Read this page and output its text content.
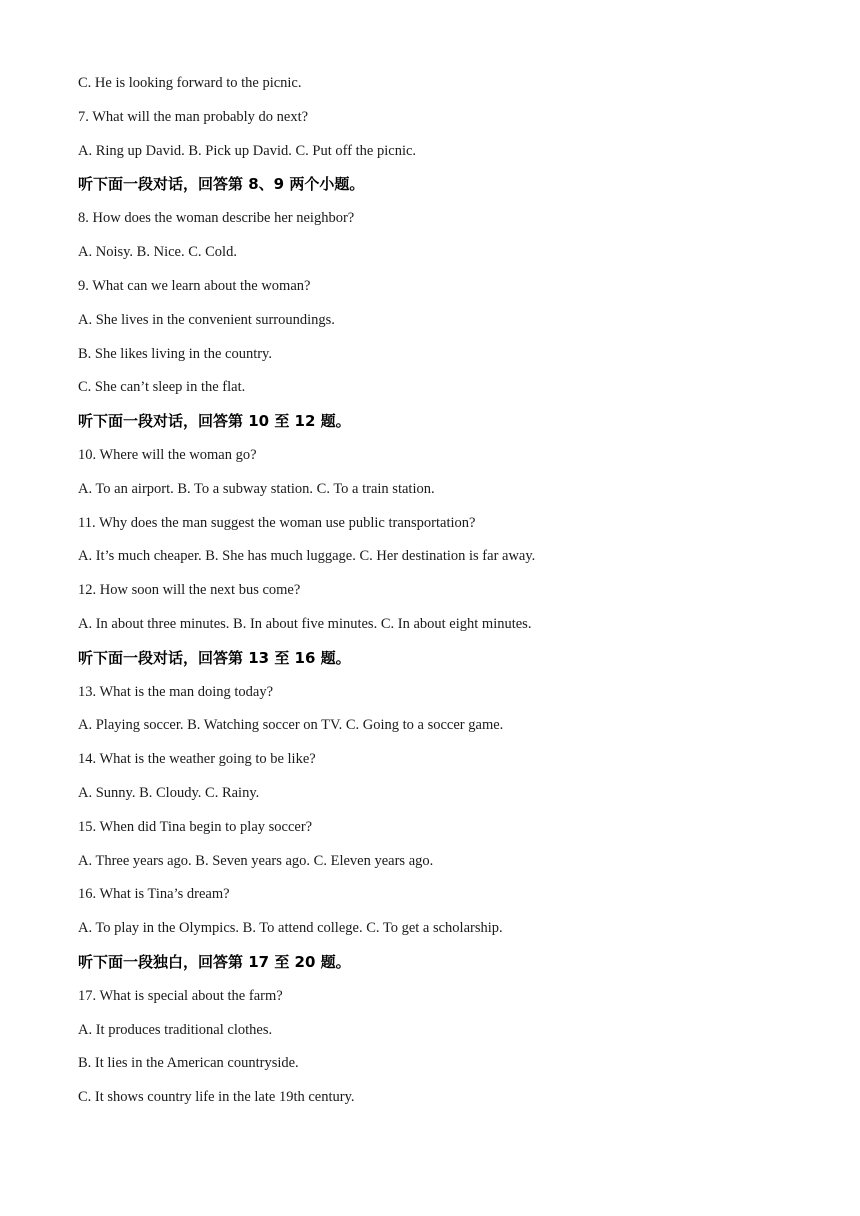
C. He is looking forward to the picnic.
7. What will the man probably do next?
A. Ring up David. B. Pick up David. C. Put off the picnic.
听下面一段对话，回答第 8、9 两个小题。
8. How does the woman describe her neighbor?
A. Noisy. B. Nice. C. Cold.
9. What can we learn about the woman?
A. She lives in the convenient surroundings.
B. She likes living in the country.
C. She can’t sleep in the flat.
听下面一段对话，回答第 10 至 12 题。
10. Where will the woman go?
A. To an airport. B. To a subway station. C. To a train station.
11. Why does the man suggest the woman use public transportation?
A. It’s much cheaper. B. She has much luggage. C. Her destination is far away.
12. How soon will the next bus come?
A. In about three minutes. B. In about five minutes. C. In about eight minutes.
听下面一段对话，回答第 13 至 16 题。
13. What is the man doing today?
A. Playing soccer. B. Watching soccer on TV. C. Going to a soccer game.
14. What is the weather going to be like?
A. Sunny. B. Cloudy. C. Rainy.
15. When did Tina begin to play soccer?
A. Three years ago. B. Seven years ago. C. Eleven years ago.
16. What is Tina’s dream?
A. To play in the Olympics. B. To attend college. C. To get a scholarship.
听下面一段独白，回答第 17 至 20 题。
17. What is special about the farm?
A. It produces traditional clothes.
B. It lies in the American countryside.
C. It shows country life in the late 19th century.
